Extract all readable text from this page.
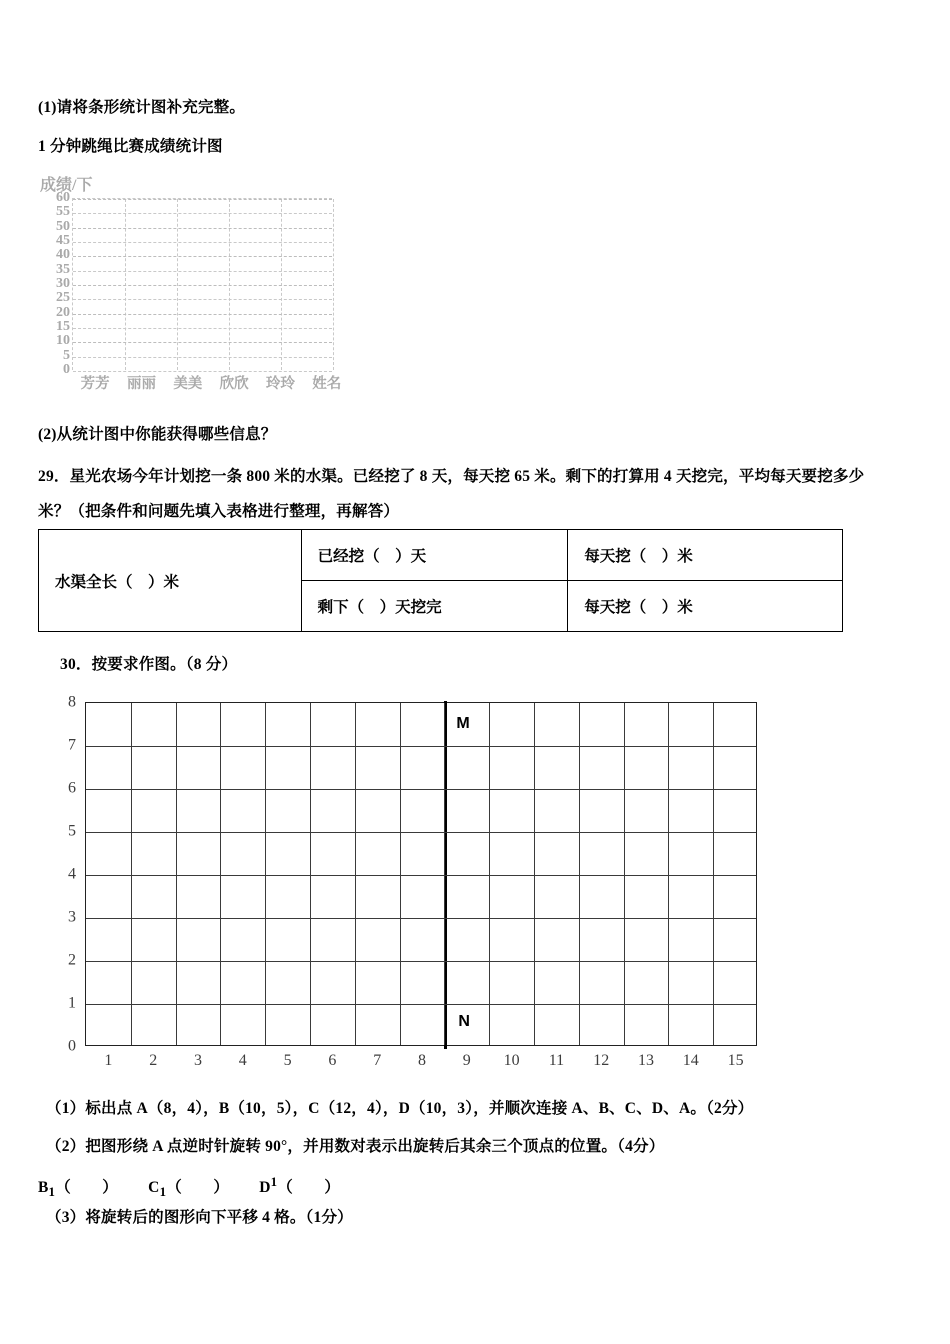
(1)请将条形统计图补充完整。
1 分钟跳绳比赛成绩统计图
成绩/下
0
5
10
15
20
25
30
35
40
45
50
55
60
芳芳	丽丽	美美	欣欣	玲玲	姓名
(2)从统计图中你能获得哪些信息？
29．星光农场今年计划挖一条 800 米的水渠。已经挖了 8 天，每天挖 65 米。剩下的打算用 4 天挖完，平均每天要挖多少
米？（把条件和问题先填入表格进行整理，再解答）
水渠全长（　）米	已经挖（　）天	每天挖（　）米
	剩下（　）天挖完	每天挖（　）米
30．按要求作图。（8 分）
M
N
8
7
6
5
4
3
2
1
0
1 2 3 4 5 6 7 8 9 10 11 12 13 14 15
（1）标出点 A（8，4），B（10，5），C（12，4），D（10，3），并顺次连接 A、B、C、D、A。（2分）
（2）把图形绕 A 点逆时针旋转 90°，并用数对表示出旋转后其余三个顶点的位置。（4分）
$B_1$（　　） $C_1$（　　） $D^1$（　　）
（3）将旋转后的图形向下平移 4 格。（1分）
